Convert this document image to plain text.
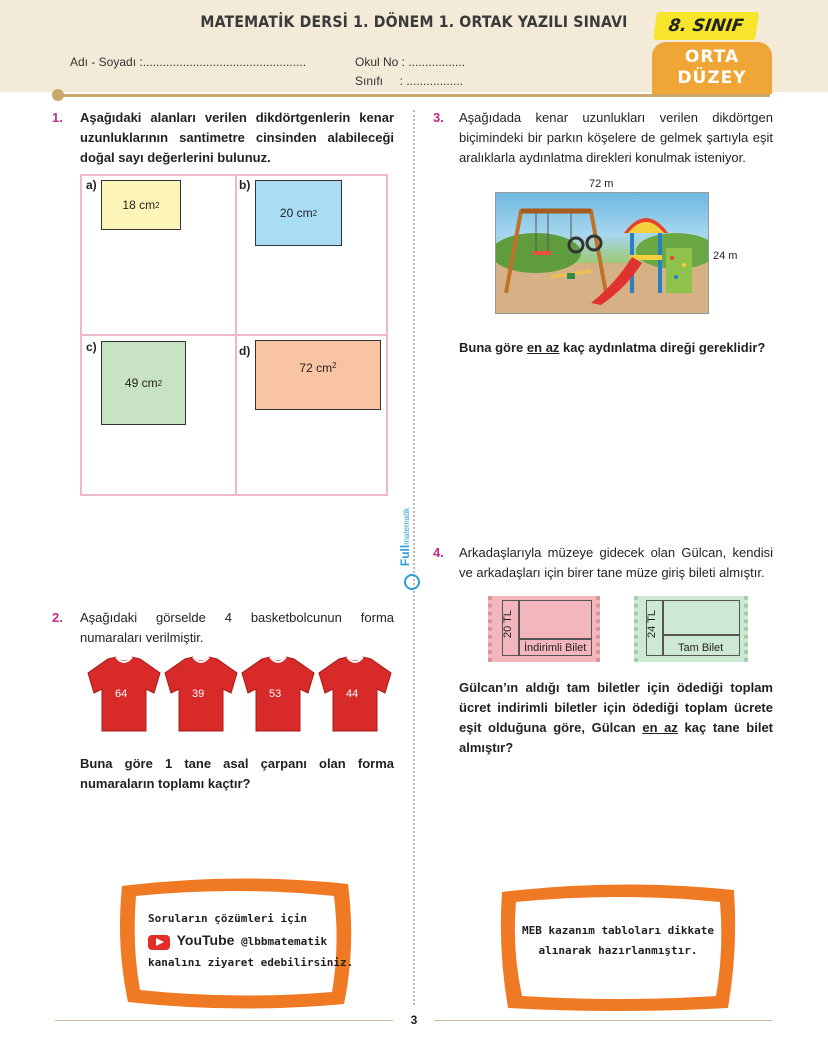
MATEMATİK DERSİ 1. DÖNEM 1. ORTAK YAZILI SINAVI
Adı - Soyadı :.................................................	Okul No : .................
Sınıfı     : .................
8. SINIF
ORTA
DÜZEY
1. Aşağıdaki alanları verilen dikdörtgenlerin kenar uzunluklarının santimetre cinsinden alabileceği doğal sayı değerlerini bulunuz.
a)
18 cm 2
b)
20 cm 2
c)
49 cm 2
d)
72 $cm^2$
2. Aşağıdaki görselde 4 basketbolcunun forma numaraları verilmiştir.
64	39	53	44
Buna göre 1 tane asal çarpanı olan forma numaraların toplamı kaçtır?
3. Aşağıdada kenar uzunlukları verilen dikdörtgen biçimindeki bir parkın köşelere de gelmek şartıyla eşit aralıklarla aydınlatma direkleri konulmak isteniyor.
72 m
24 m
Buna göre en az kaç aydınlatma direği gereklidir?
Fullmatematik
4. Arkadaşlarıyla müzeye gidecek olan Gülcan, kendisi ve arkadaşları için birer tane müze giriş bileti almıştır.
20 TL
İndirimli Bilet
24 TL
Tam Bilet
Gülcan’ın aldığı tam biletler için ödediği toplam ücret indirimli biletler için ödediği toplam ücrete eşit olduğuna göre, Gülcan en az kaç tane bilet almıştır?
Soruların çözümleri için
YouTube @lbbmatematik
kanalını ziyaret edebilirsiniz.
MEB kazanım tabloları dikkate
alınarak hazırlanmıştır.
3
